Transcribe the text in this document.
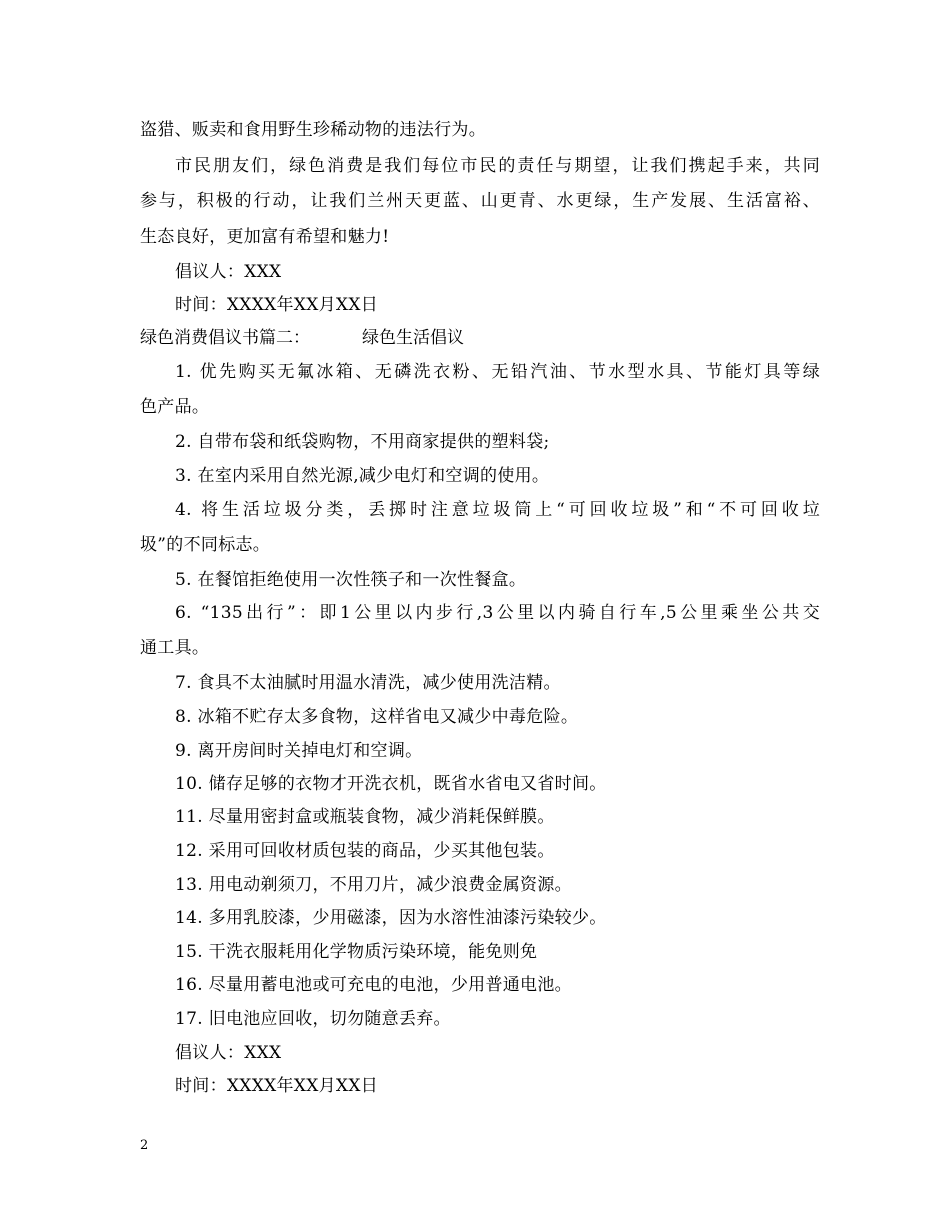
盗猎、贩卖和食用野生珍稀动物的违法行为。
市民朋友们，绿色消费是我们每位市民的责任与期望，让我们携起手来，共同
参与，积极的行动，让我们兰州天更蓝、山更青、水更绿，生产发展、生活富裕、
生态良好，更加富有希望和魅力!
倡议人：XXX
时间：XXXX年XX月XX日
绿色消费倡议书篇二：	绿色生活倡议
1. 优先购买无氟冰箱、无磷洗衣粉、无铅汽油、节水型水具、节能灯具等绿
色产品。
2. 自带布袋和纸袋购物，不用商家提供的塑料袋;
3. 在室内采用自然光源,减少电灯和空调的使用。
4. 将生活垃圾分类，丢掷时注意垃圾筒上“可回收垃圾”和“不可回收垃
圾”的不同标志。
5. 在餐馆拒绝使用一次性筷子和一次性餐盒。
6. “135出行”：即1公里以内步行,3公里以内骑自行车,5公里乘坐公共交
通工具。
7. 食具不太油腻时用温水清洗，减少使用洗洁精。
8. 冰箱不贮存太多食物，这样省电又减少中毒危险。
9. 离开房间时关掉电灯和空调。
10. 储存足够的衣物才开洗衣机，既省水省电又省时间。
11. 尽量用密封盒或瓶装食物，减少消耗保鲜膜。
12. 采用可回收材质包装的商品，少买其他包装。
13. 用电动剃须刀，不用刀片，减少浪费金属资源。
14. 多用乳胶漆，少用磁漆，因为水溶性油漆污染较少。
15. 干洗衣服耗用化学物质污染环境，能免则免
16. 尽量用蓄电池或可充电的电池，少用普通电池。
17. 旧电池应回收，切勿随意丢弃。
倡议人：XXX
时间：XXXX年XX月XX日
2
